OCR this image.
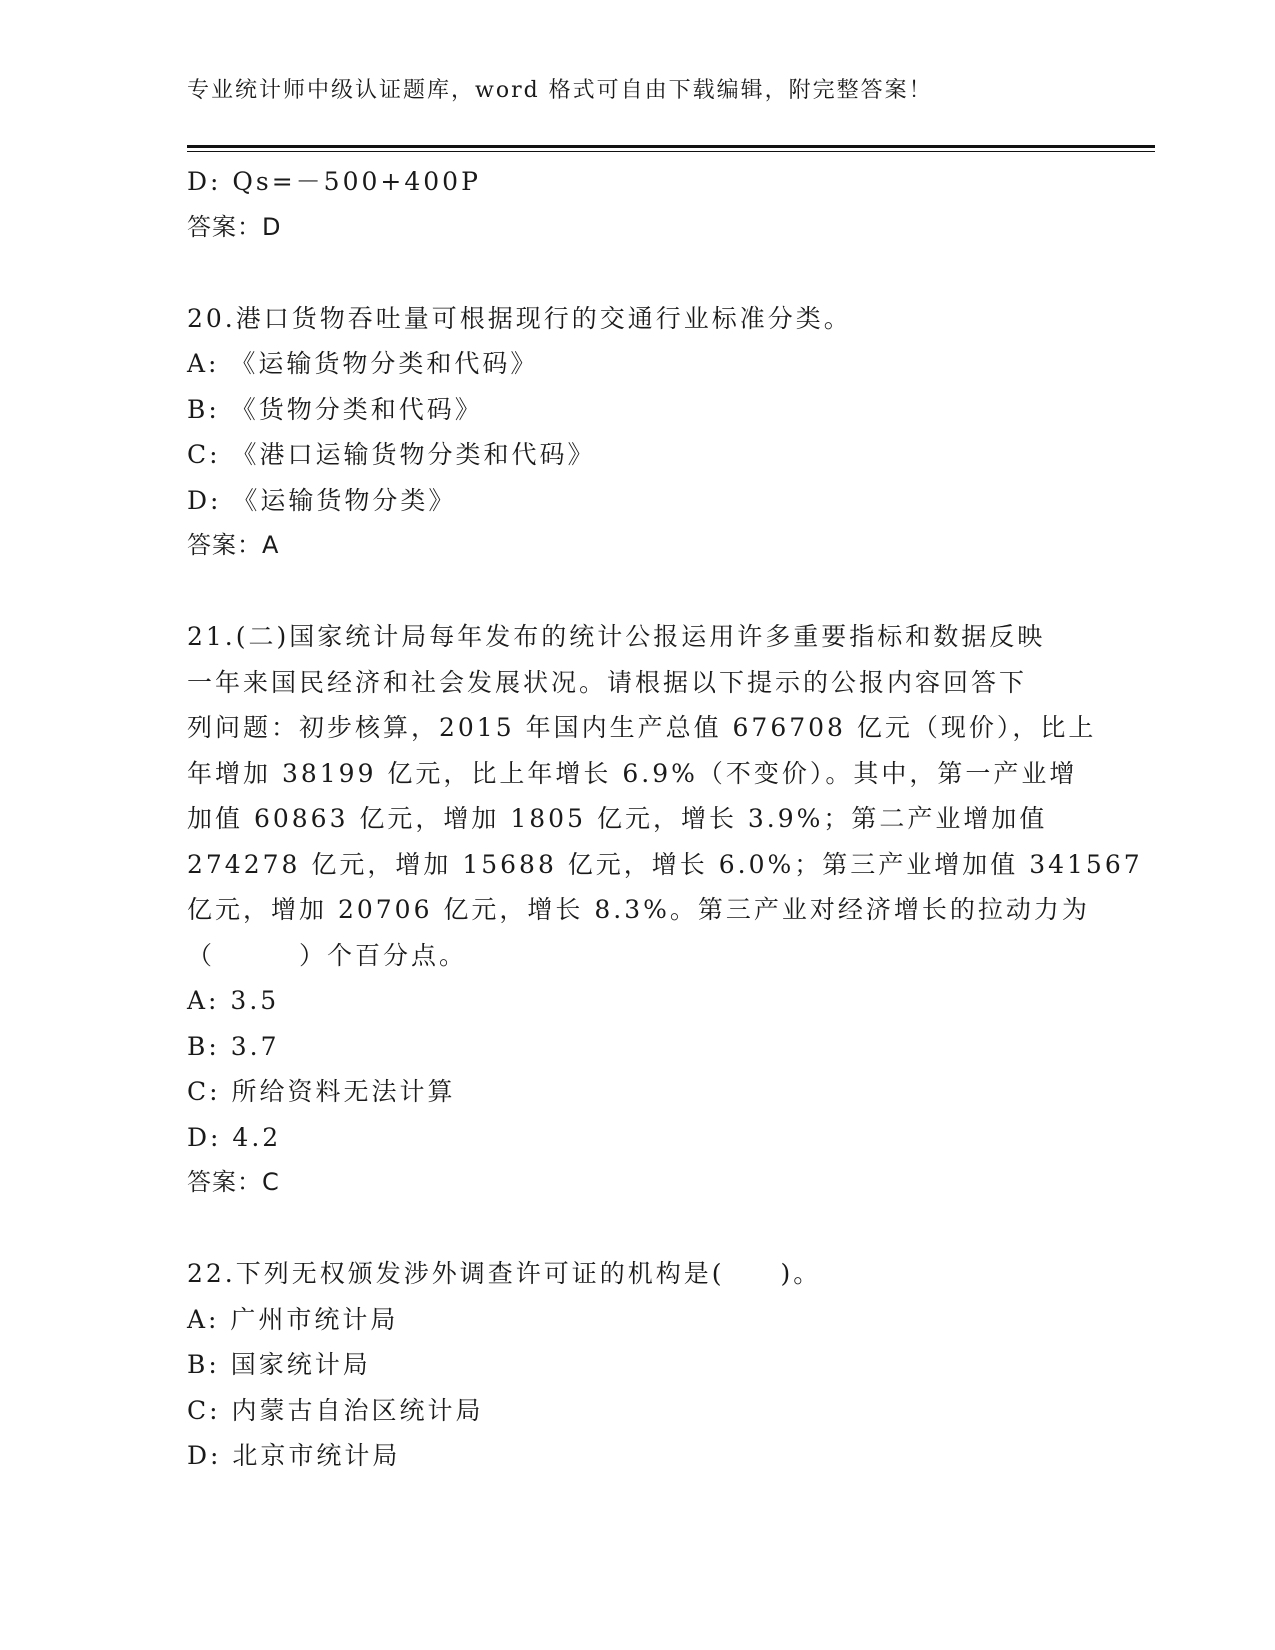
专业统计师中级认证题库，word 格式可自由下载编辑，附完整答案！
D: Qs=－500+400P
答案：D
20.港口货物吞吐量可根据现行的交通行业标准分类。
A: 《运输货物分类和代码》
B: 《货物分类和代码》
C: 《港口运输货物分类和代码》
D: 《运输货物分类》
答案：A
21.(二)国家统计局每年发布的统计公报运用许多重要指标和数据反映
一年来国民经济和社会发展状况。请根据以下提示的公报内容回答下
列问题：初步核算，2015 年国内生产总值 676708 亿元（现价），比上
年增加 38199 亿元，比上年增长 6.9%（不变价）。其中，第一产业增
加值 60863 亿元，增加 1805 亿元，增长 3.9%；第二产业增加值
274278 亿元，增加 15688 亿元，增长 6.0%；第三产业增加值 341567
亿元，增加 20706 亿元，增长 8.3%。第三产业对经济增长的拉动力为
（　　　）个百分点。
A: 3.5
B: 3.7
C: 所给资料无法计算
D: 4.2
答案：C
22.下列无权颁发涉外调查许可证的机构是(　　)。
A: 广州市统计局
B: 国家统计局
C: 内蒙古自治区统计局
D: 北京市统计局
